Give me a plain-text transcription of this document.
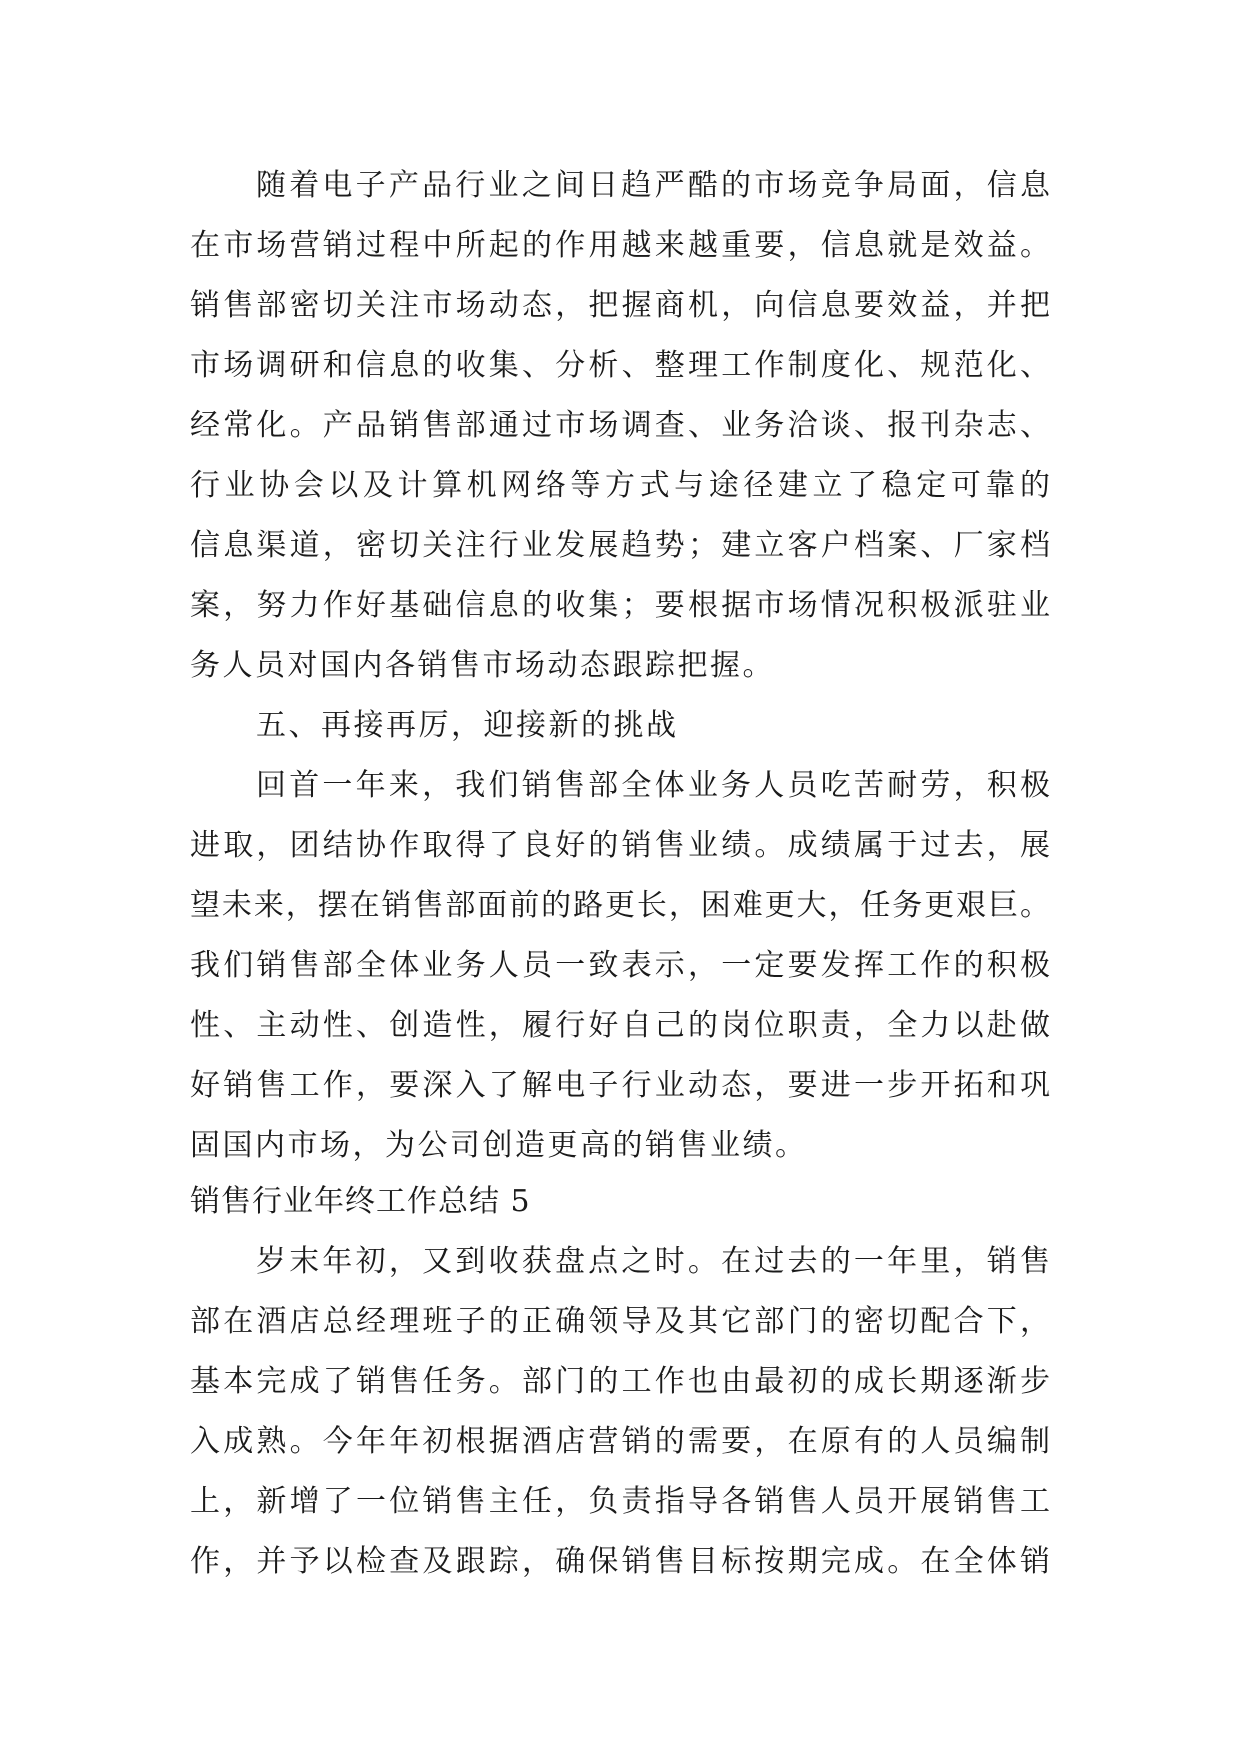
随着电子产品行业之间日趋严酷的市场竞争局面，信息
在市场营销过程中所起的作用越来越重要，信息就是效益。
销售部密切关注市场动态，把握商机，向信息要效益，并把
市场调研和信息的收集、分析、整理工作制度化、规范化、
经常化。产品销售部通过市场调查、业务洽谈、报刊杂志、
行业协会以及计算机网络等方式与途径建立了稳定可靠的
信息渠道，密切关注行业发展趋势；建立客户档案、厂家档
案，努力作好基础信息的收集；要根据市场情况积极派驻业
务人员对国内各销售市场动态跟踪把握。
五、再接再厉，迎接新的挑战
回首一年来，我们销售部全体业务人员吃苦耐劳，积极
进取，团结协作取得了良好的销售业绩。成绩属于过去，展
望未来，摆在销售部面前的路更长，困难更大，任务更艰巨。
我们销售部全体业务人员一致表示，一定要发挥工作的积极
性、主动性、创造性，履行好自己的岗位职责，全力以赴做
好销售工作，要深入了解电子行业动态，要进一步开拓和巩
固国内市场，为公司创造更高的销售业绩。
销售行业年终工作总结 5
岁末年初，又到收获盘点之时。在过去的一年里，销售
部在酒店总经理班子的正确领导及其它部门的密切配合下，
基本完成了销售任务。部门的工作也由最初的成长期逐渐步
入成熟。今年年初根据酒店营销的需要，在原有的人员编制
上，新增了一位销售主任，负责指导各销售人员开展销售工
作，并予以检查及跟踪，确保销售目标按期完成。在全体销
